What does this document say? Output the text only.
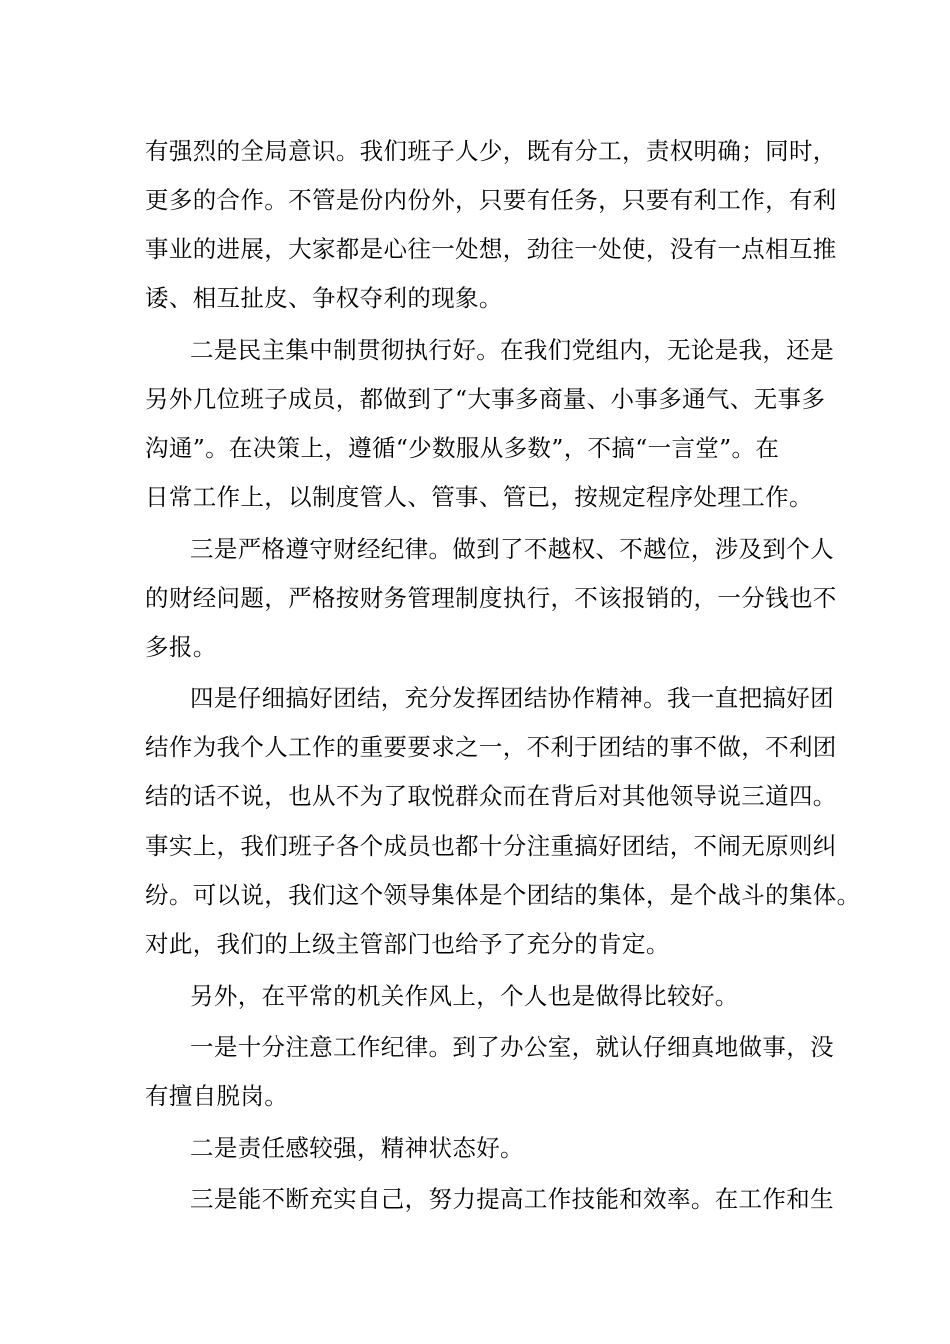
有强烈的全局意识。我们班子人少，既有分工，责权明确；同时，
更多的合作。不管是份内份外，只要有任务，只要有利工作，有利
事业的进展，大家都是心往一处想，劲往一处使，没有一点相互推
诿、相互扯皮、争权夺利的现象。
二是民主集中制贯彻执行好。在我们党组内，无论是我，还是
另外几位班子成员，都做到了“大事多商量、小事多通气、无事多
沟通”。在决策上，遵循“少数服从多数”，不搞“一言堂”。在
日常工作上，以制度管人、管事、管已，按规定程序处理工作。
三是严格遵守财经纪律。做到了不越权、不越位，涉及到个人
的财经问题，严格按财务管理制度执行，不该报销的，一分钱也不
多报。
四是仔细搞好团结，充分发挥团结协作精神。我一直把搞好团
结作为我个人工作的重要要求之一，不利于团结的事不做，不利团
结的话不说，也从不为了取悦群众而在背后对其他领导说三道四。
事实上，我们班子各个成员也都十分注重搞好团结，不闹无原则纠
纷。可以说，我们这个领导集体是个团结的集体，是个战斗的集体。
对此，我们的上级主管部门也给予了充分的肯定。
另外，在平常的机关作风上，个人也是做得比较好。
一是十分注意工作纪律。到了办公室，就认仔细真地做事，没
有擅自脱岗。
二是责任感较强，精神状态好。
三是能不断充实自己，努力提高工作技能和效率。在工作和生
